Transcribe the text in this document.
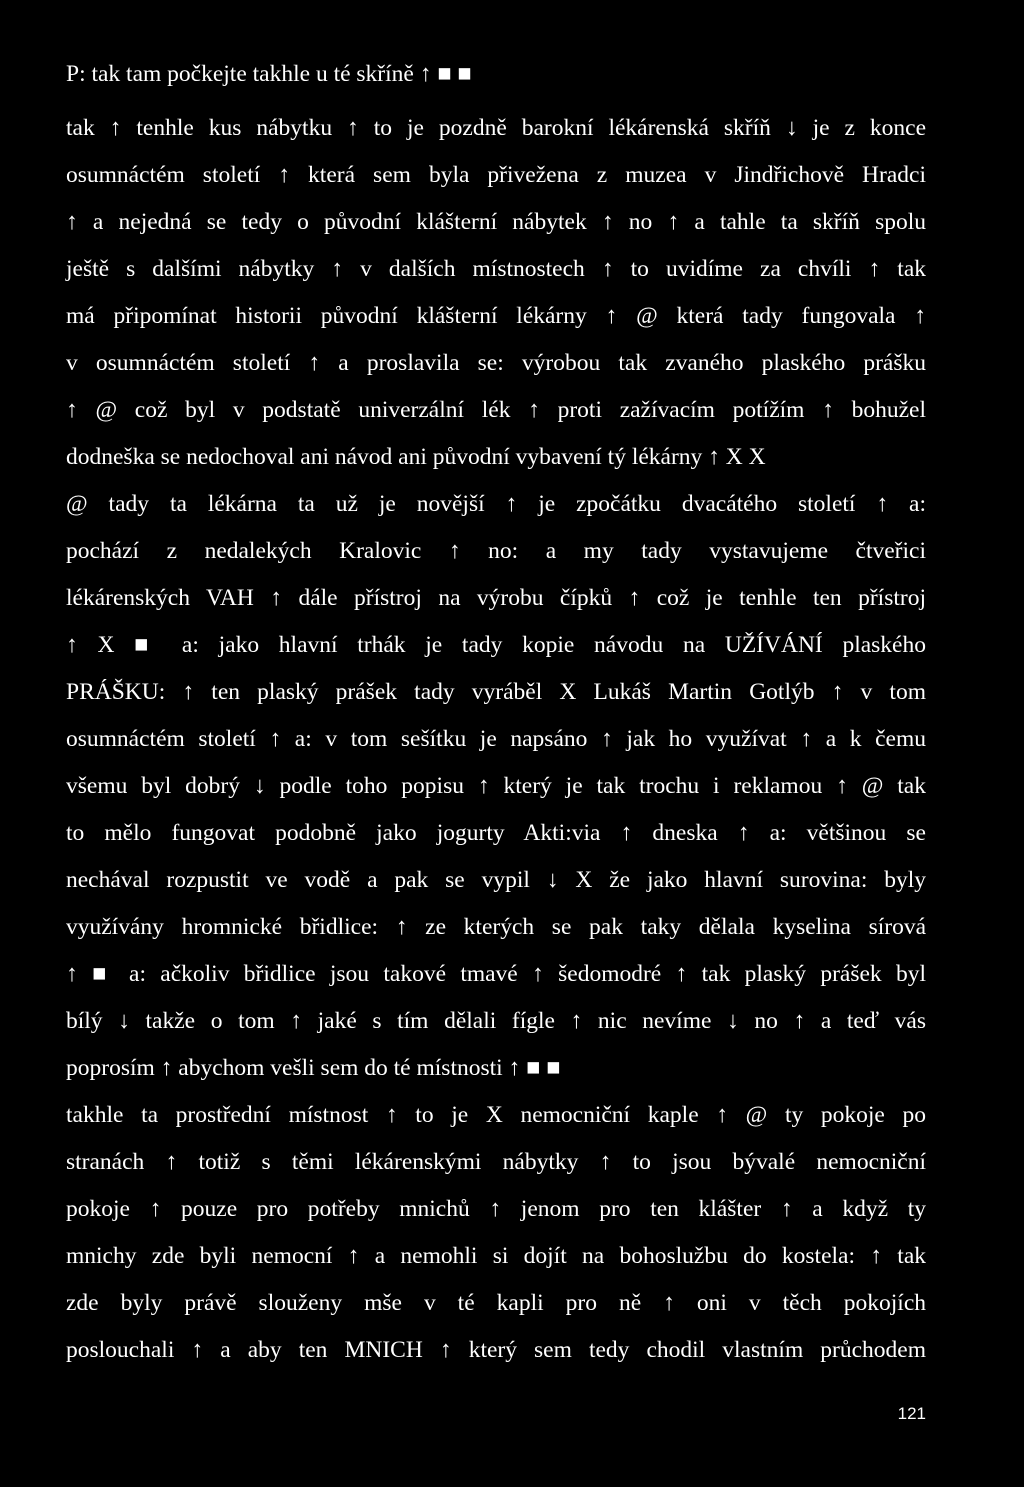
P: tak tam počkejte takhle u té skříně ↑ ■ ■
tak ↑ tenhle kus nábytku ↑ to je pozdně barokní lékárenská skříň ↓ je z konce
osumnáctém století ↑ která sem byla přivežena z muzea v Jindřichově Hradci
↑ a nejedná se tedy o původní klášterní nábytek ↑ no ↑ a tahle ta skříň spolu
ještě s dalšími nábytky ↑ v dalších místnostech ↑ to uvidíme za chvíli ↑ tak
má připomínat historii původní klášterní lékárny ↑ @ která tady fungovala ↑
v osumnáctém století ↑ a proslavila se: výrobou tak zvaného plaského prášku
↑ @ což byl v podstatě univerzální lék ↑ proti zažívacím potížím ↑ bohužel
dodneška se nedochoval ani návod ani původní vybavení tý lékárny ↑ X X
@ tady ta lékárna ta už je novější ↑ je zpočátku dvacátého století ↑ a:
pochází z nedalekých Kralovic ↑ no: a my tady vystavujeme čtveřici
lékárenských VAH ↑ dále přístroj na výrobu čípků ↑ což je tenhle ten přístroj
↑ X ■ a: jako hlavní trhák je tady kopie návodu na UŽÍVÁNÍ plaského
PRÁŠKU: ↑ ten plaský prášek tady vyráběl X Lukáš Martin Gotlýb ↑ v tom
osumnáctém století ↑ a: v tom sešítku je napsáno ↑ jak ho využívat ↑ a k čemu
všemu byl dobrý ↓ podle toho popisu ↑ který je tak trochu i reklamou ↑ @ tak
to mělo fungovat podobně jako jogurty Akti:via ↑ dneska ↑ a: většinou se
nechával rozpustit ve vodě a pak se vypil ↓ X že jako hlavní surovina: byly
využívány hromnické břidlice: ↑ ze kterých se pak taky dělala kyselina sírová
↑ ■ a: ačkoliv břidlice jsou takové tmavé ↑ šedomodré ↑ tak plaský prášek byl
bílý ↓ takže o tom ↑ jaké s tím dělali fígle ↑ nic nevíme ↓ no ↑ a teď vás
poprosím ↑ abychom vešli sem do té místnosti ↑ ■ ■
takhle ta prostřední místnost ↑ to je X nemocniční kaple ↑ @ ty pokoje po
stranách ↑ totiž s těmi lékárenskými nábytky ↑ to jsou bývalé nemocniční
pokoje ↑ pouze pro potřeby mnichů ↑ jenom pro ten klášter ↑ a když ty
mnichy zde byli nemocní ↑ a nemohli si dojít na bohoslužbu do kostela: ↑ tak
zde byly právě slouženy mše v té kapli pro ně ↑ oni v těch pokojích
poslouchali ↑ a aby ten MNICH ↑ který sem tedy chodil vlastním průchodem
121
